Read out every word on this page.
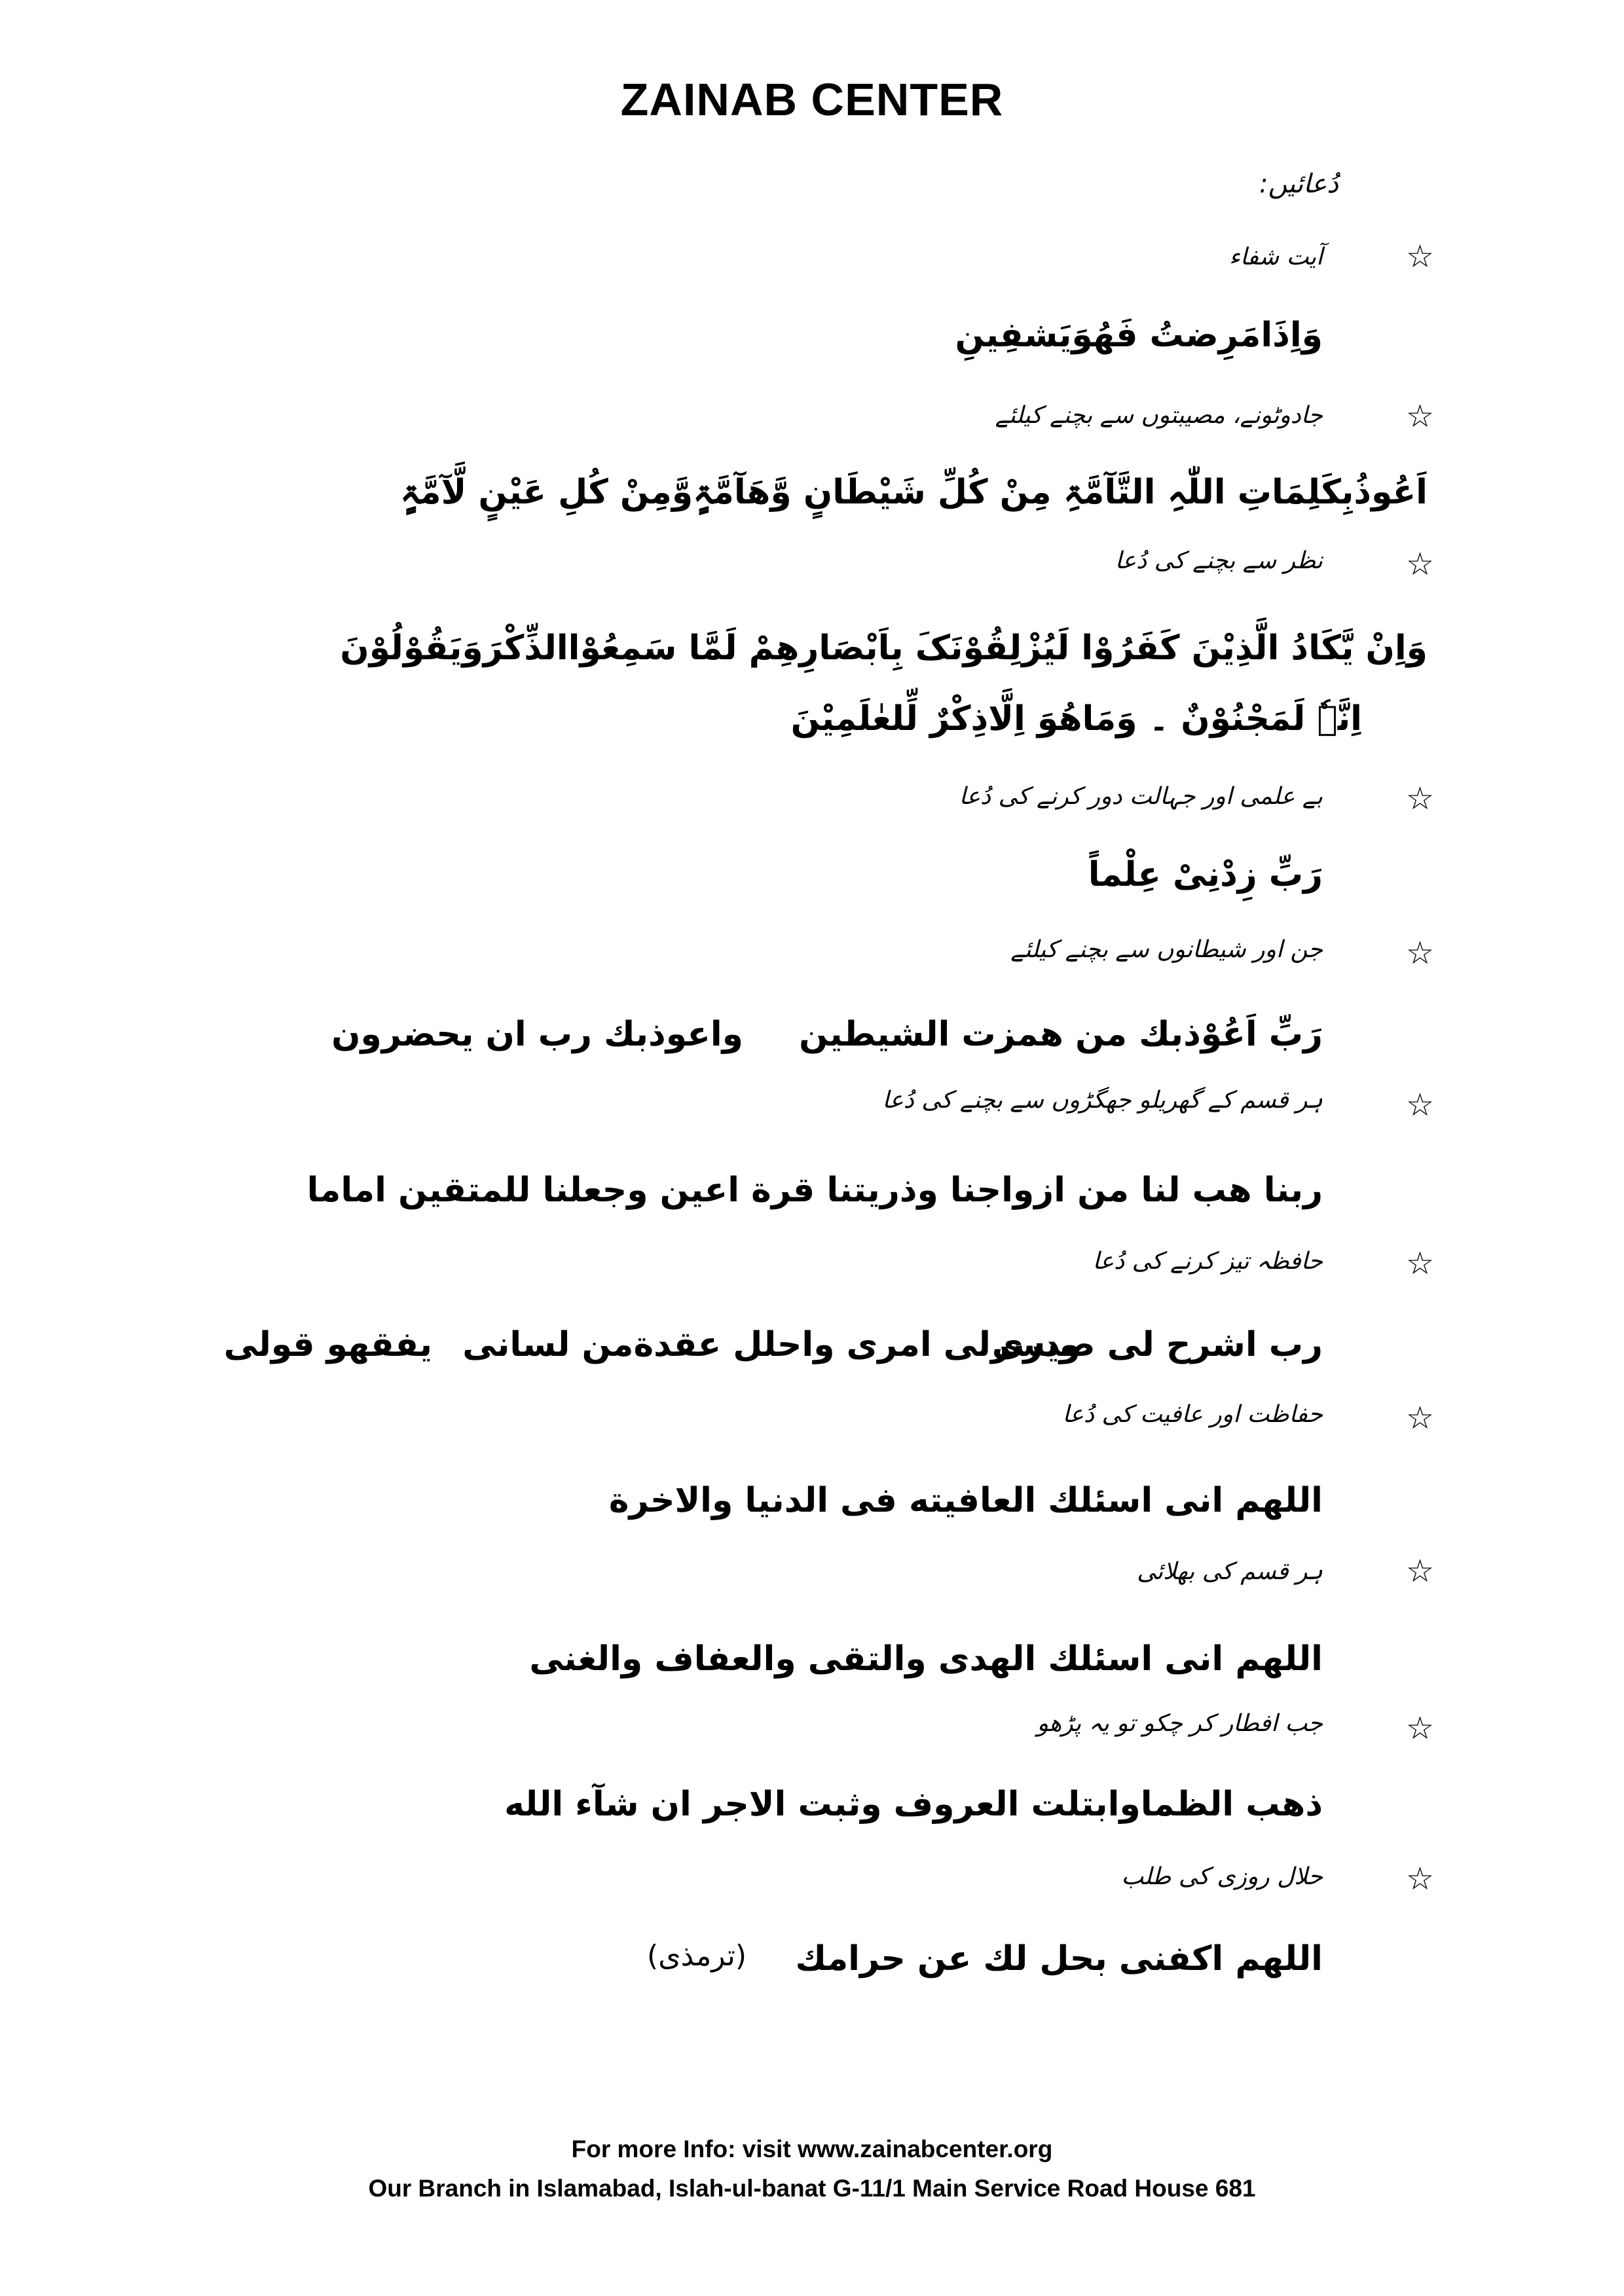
ZAINAB CENTER
دُعائیں:
☆
آیت شفاء
وَاِذَامَرِضتُ فَھُوَیَشفِینِ
☆
جادوٹونے، مصیبتوں سے بچنے کیلئے
اَعُوذُبِکَلِمَاتِ اللّٰہِ التَّآمَّۃِ مِنْ کُلِّ شَیْطَانٍ وَّھَآمَّۃٍوَّمِنْ کُلِ عَیْنٍ لَّآمَّۃٍ
☆
نظر سے بچنے کی دُعا
وَاِنْ یَّکَادُ الَّذِیْنَ کَفَرُوْا لَیُزْلِقُوْنَکَ بِاَبْصَارِھِمْ لَمَّا سَمِعُوْاالذِّکْرَوَیَقُوْلُوْنَ
اِنَّہٗ لَمَجْنُوْنٌ ۔ وَمَاھُوَ اِلَّاذِکْرٌ لِّلعٰلَمِیْنَ
☆
بے علمی اور جہالت دور کرنے کی دُعا
رَبِّ زِدْنِیْ عِلْماً
☆
جن اور شیطانوں سے بچنے کیلئے
رَبِّ اَعُوْذبك من همزت الشيطين
واعوذبك رب ان يحضرون
☆
ہر قسم کے گھریلو جھگڑوں سے بچنے کی دُعا
ربنا هب لنا من ازواجنا وذريتنا قرة اعين وجعلنا للمتقين اماما
☆
حافظہ تیز کرنے کی دُعا
رب اشرح لى صدرى
ويسرلى امرى واحلل عقدةمن لسانى
يفقهو قولى
☆
حفاظت اور عافیت کی دُعا
اللهم انى اسئلك العافيته فى الدنيا والاخرة
☆
ہر قسم کی بھلائی
اللهم انى اسئلك الهدى والتقى والعفاف والغنى
☆
جب افطار کر چکو تو یہ پڑھو
ذهب الظماوابتلت العروف وثبت الاجر ان شآء الله
☆
حلال روزی کی طلب
اللهم اكفنى بحل لك عن حرامك
(ترمذی)
For more Info: visit www.zainabcenter.org
Our Branch in Islamabad, Islah-ul-banat G-11/1 Main Service Road House 681
